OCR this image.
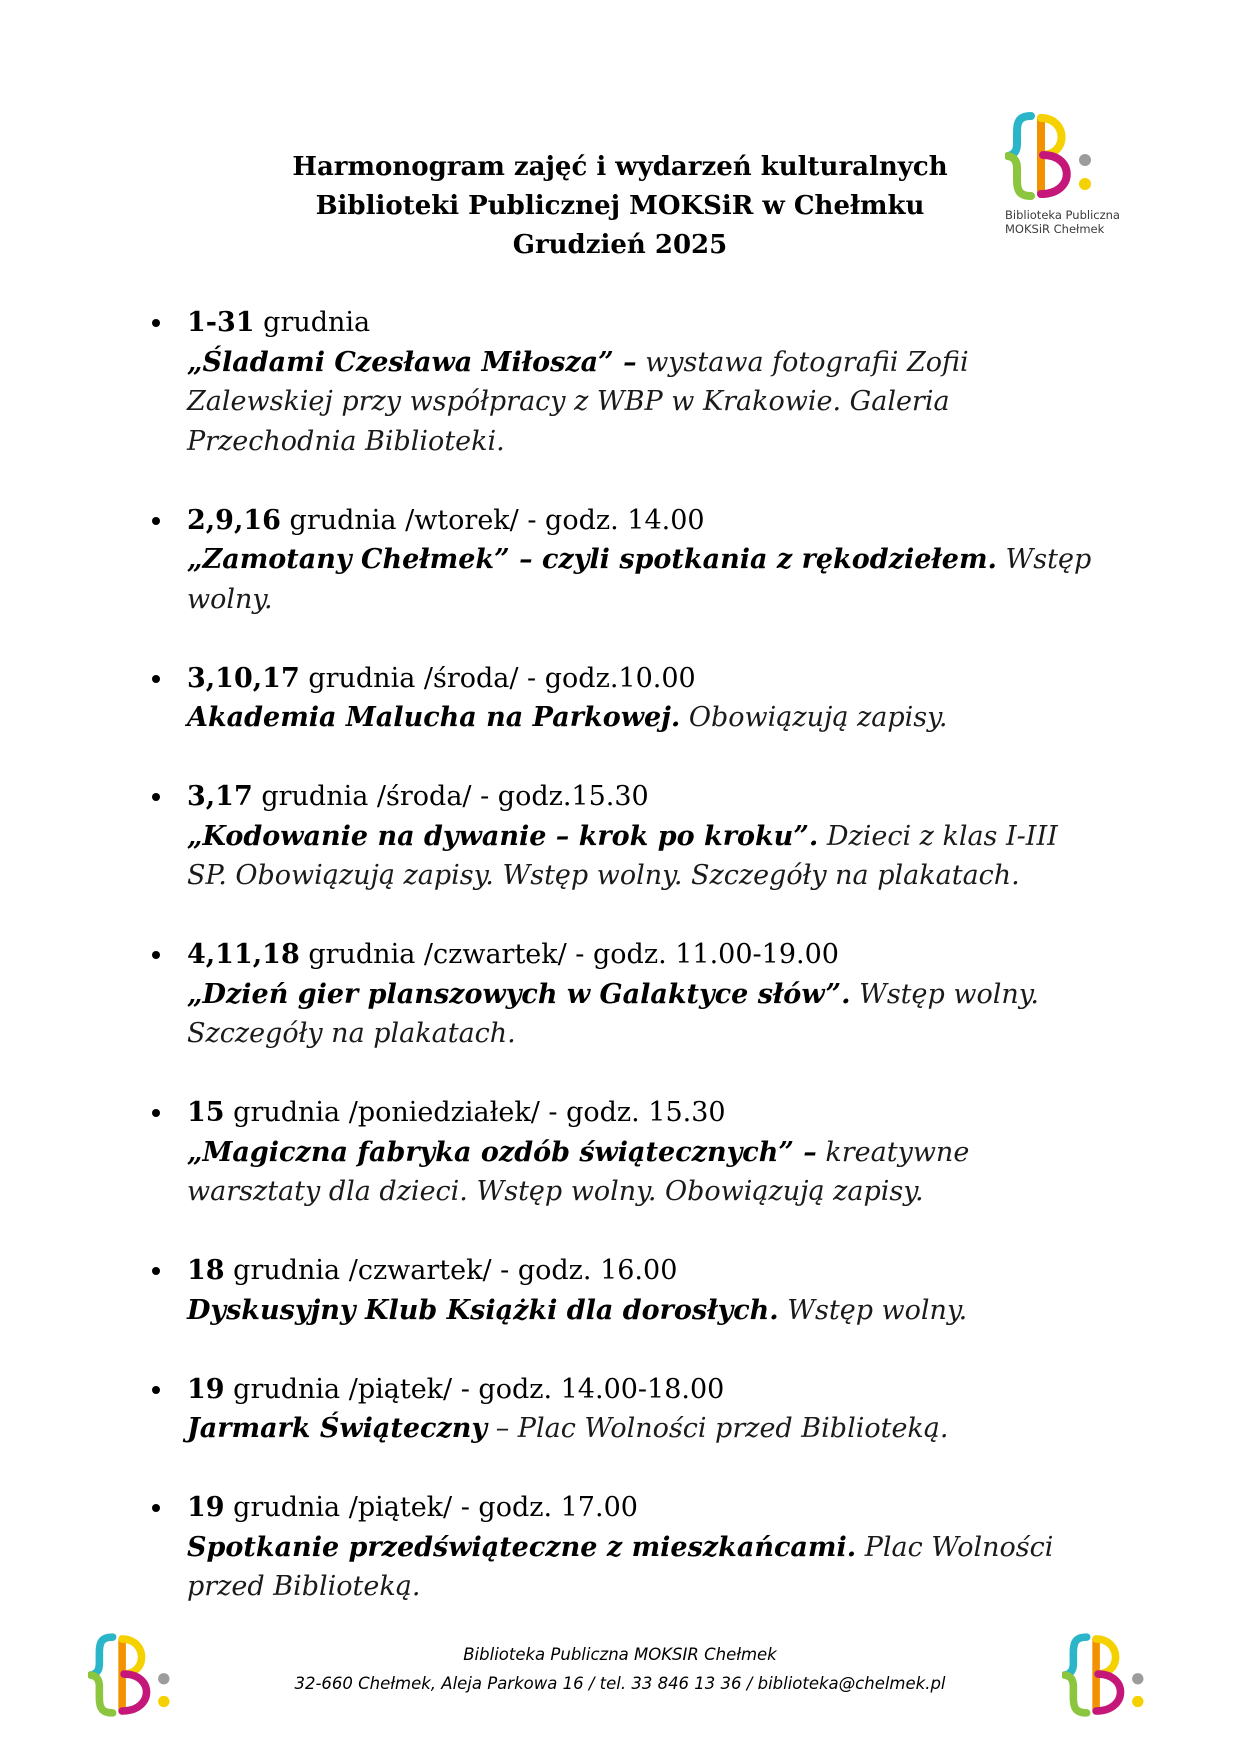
Harmonogram zajęć i wydarzeń kulturalnych
Biblioteki Publicznej MOKSiR w Chełmku
Grudzień 2025
Biblioteka Publiczna
MOKSiR Chełmek
1-31 grudnia
„Śladami Czesława Miłosza” – wystawa fotografii Zofii Zalewskiej przy współpracy z WBP w Krakowie. Galeria Przechodnia Biblioteki.
2,9,16 grudnia /wtorek/ - godz. 14.00
„Zamotany Chełmek” – czyli spotkania z rękodziełem. Wstęp wolny.
3,10,17 grudnia /środa/ - godz.10.00
Akademia Malucha na Parkowej. Obowiązują zapisy.
3,17 grudnia /środa/ - godz.15.30
„Kodowanie na dywanie – krok po kroku”. Dzieci z klas I-III SP. Obowiązują zapisy. Wstęp wolny. Szczegóły na plakatach.
4,11,18 grudnia /czwartek/ - godz. 11.00-19.00
„Dzień gier planszowych w Galaktyce słów”. Wstęp wolny. Szczegóły na plakatach.
15 grudnia /poniedziałek/ - godz. 15.30
„Magiczna fabryka ozdób świątecznych” – kreatywne warsztaty dla dzieci. Wstęp wolny. Obowiązują zapisy.
18 grudnia /czwartek/ - godz. 16.00
Dyskusyjny Klub Książki dla dorosłych. Wstęp wolny.
19 grudnia /piątek/ - godz. 14.00-18.00
Jarmark Świąteczny – Plac Wolności przed Biblioteką.
19 grudnia /piątek/ - godz. 17.00
Spotkanie przedświąteczne z mieszkańcami. Plac Wolności przed Biblioteką.
Biblioteka Publiczna MOKSIR Chełmek
32-660 Chełmek, Aleja Parkowa 16 / tel. 33 846 13 36 / biblioteka@chelmek.pl
